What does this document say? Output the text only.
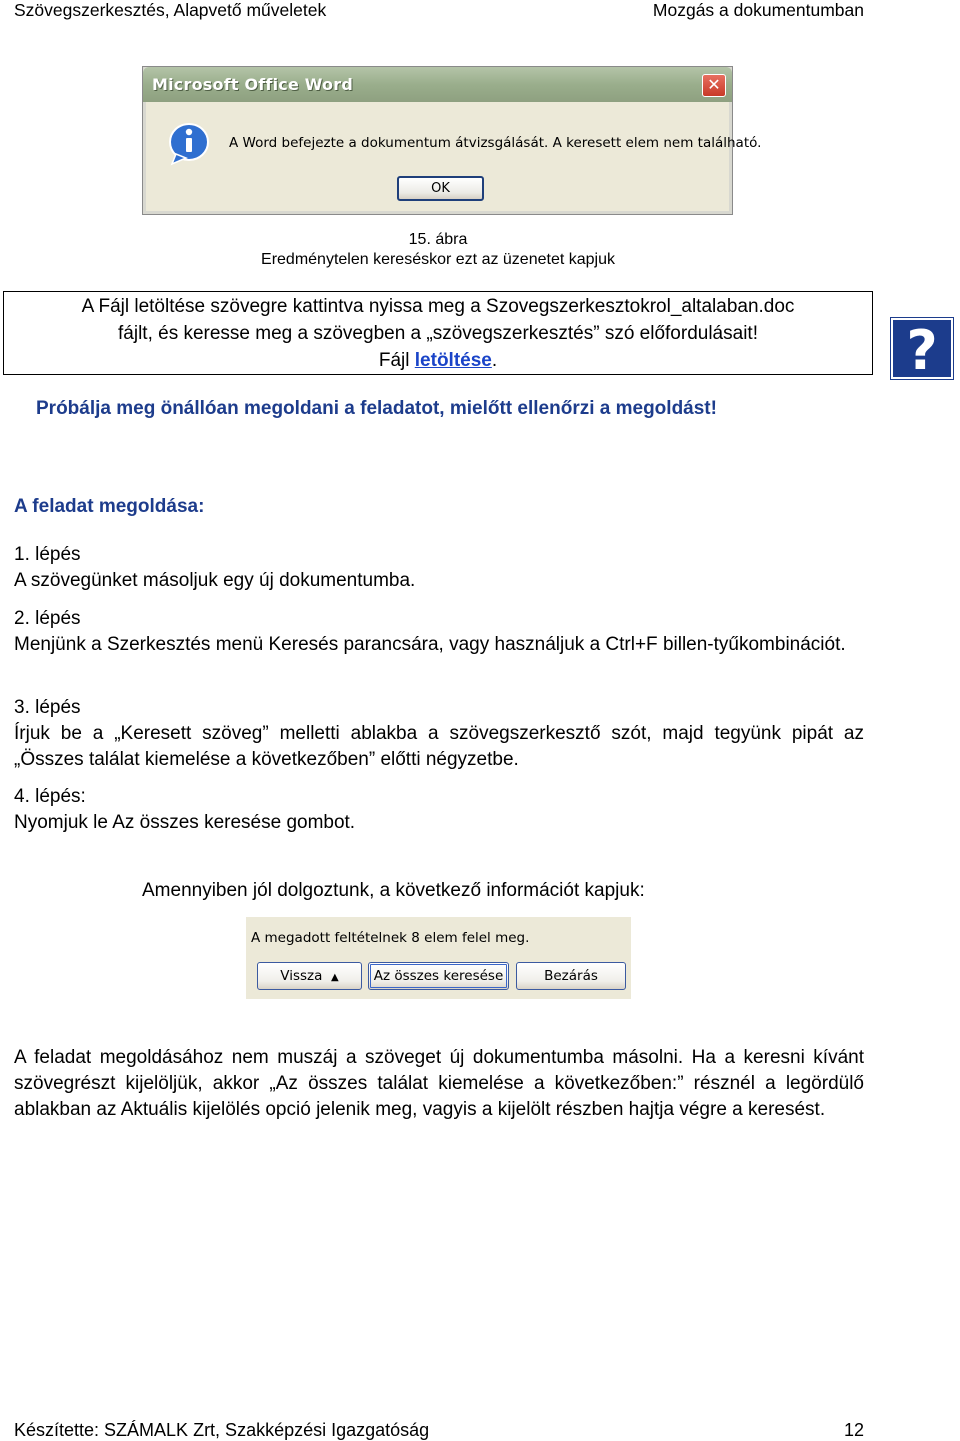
Szövegszerkesztés, Alapvető műveletek	Mozgás a dokumentumban
Microsoft Office Word	✕
A Word befejezte a dokumentum átvizsgálását. A keresett elem nem található.
OK
15. ábra
Eredménytelen kereséskor ezt az üzenetet kapjuk
A Fájl letöltése szövegre kattintva nyissa meg a Szovegszerkesztokrol_altalaban.doc
fájlt, és keresse meg a szövegben a „szövegszerkesztés” szó előfordulásait!
Fájl letöltése.	?
Próbálja meg önállóan megoldani a feladatot, mielőtt ellenőrzi a megoldást!
A feladat megoldása:
1. lépés
A szövegünket másoljuk egy új dokumentumba.
2. lépés
Menjünk a Szerkesztés menü Keresés parancsára, vagy használjuk a Ctrl+F billen-tyűkombinációt.
3. lépés
Írjuk be a „Keresett szöveg” melletti ablakba a szövegszerkesztő szót, majd tegyünk pipát az „Összes találat kiemelése a következőben” előtti négyzetbe.
4. lépés:
Nyomjuk le Az összes keresése gombot.
Amennyiben jól dolgoztunk, a következő információt kapjuk:
A megadott feltételnek 8 elem felel meg.
Vissza ▲	Az összes keresése	Bezárás
A feladat megoldásához nem muszáj a szöveget új dokumentumba másolni. Ha a keresni kívánt szövegrészt kijelöljük, akkor „Az összes találat kiemelése a következőben:” résznél a legördülő ablakban az Aktuális kijelölés opció jelenik meg, vagyis a kijelölt részben hajtja végre a keresést.
Készítette: SZÁMALK Zrt, Szakképzési Igazgatóság	12
